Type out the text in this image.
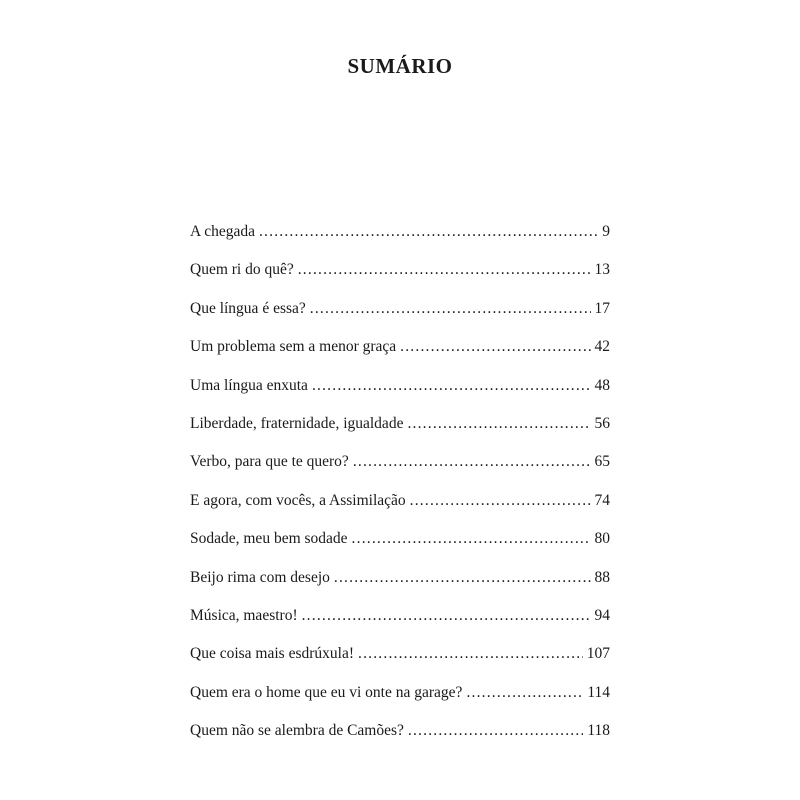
SUMÁRIO
A chegada .....	9
Quem ri do quê? .....	13
Que língua é essa? .....	17
Um problema sem a menor graça .....	42
Uma língua enxuta .....	48
Liberdade, fraternidade, igualdade .....	56
Verbo, para que te quero? .....	65
E agora, com vocês, a Assimilação .....	74
Sodade, meu bem sodade .....	80
Beijo rima com desejo .....	88
Música, maestro! .....	94
Que coisa mais esdrúxula! .....	107
Quem era o home que eu vi onte na garage? .....	114
Quem não se alembra de Camões? .....	118
